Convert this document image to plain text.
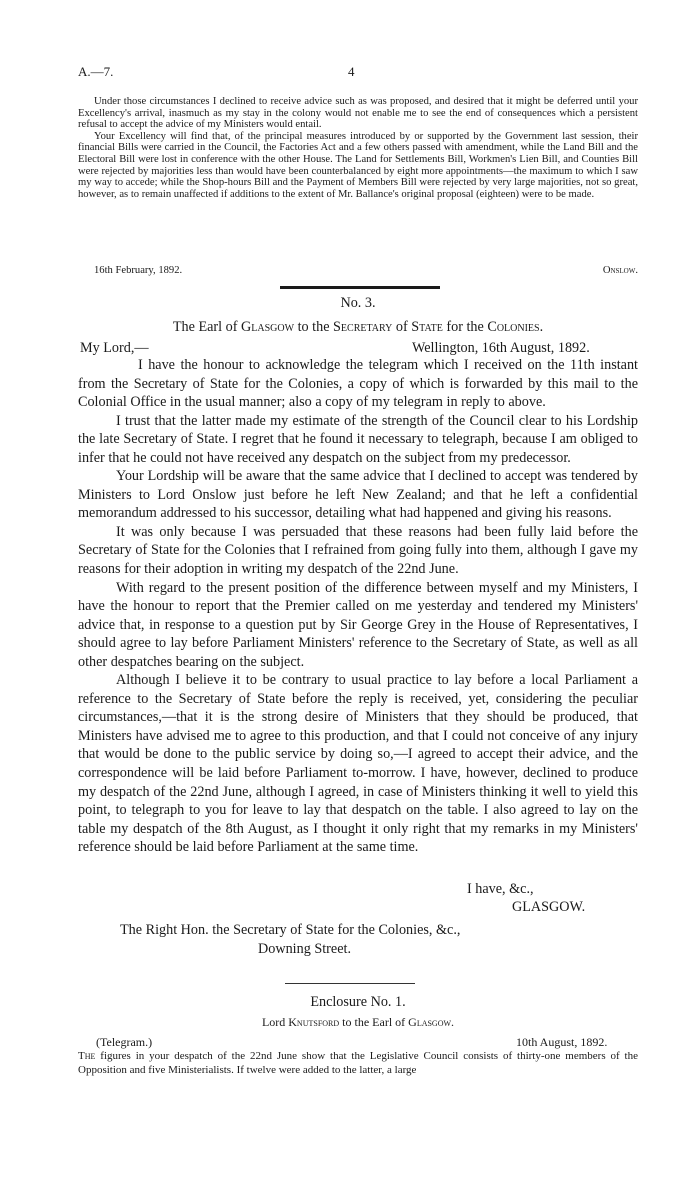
A.—7.	4

Under those circumstances I declined to receive advice such as was proposed, and desired that it might be deferred until your Excellency's arrival, inasmuch as my stay in the colony would not enable me to see the end of consequences which a persistent refusal to accept the advice of my Ministers would entail.

Your Excellency will find that, of the principal measures introduced by or supported by the Government last session, their financial Bills were carried in the Council, the Factories Act and a few others passed with amendment, while the Land Bill and the Electoral Bill were lost in conference with the other House. The Land for Settlements Bill, Workmen's Lien Bill, and Counties Bill were rejected by majorities less than would have been counterbalanced by eight more appointments—the maximum to which I saw my way to accede; while the Shop-hours Bill and the Payment of Members Bill were rejected by very large majorities, not so great, however, as to remain unaffected if additions to the extent of Mr. Ballance's original proposal (eighteen) were to be made.

16th February, 1892.	Onslow.
No. 3.
The Earl of Glasgow to the Secretary of State for the Colonies.
My Lord,—	Wellington, 16th August, 1892.

I have the honour to acknowledge the telegram which I received on the 11th instant from the Secretary of State for the Colonies, a copy of which is forwarded by this mail to the Colonial Office in the usual manner; also a copy of my telegram in reply to above.

I trust that the latter made my estimate of the strength of the Council clear to his Lordship the late Secretary of State. I regret that he found it necessary to telegraph, because I am obliged to infer that he could not have received any despatch on the subject from my predecessor.

Your Lordship will be aware that the same advice that I declined to accept was tendered by Ministers to Lord Onslow just before he left New Zealand; and that he left a confidential memorandum addressed to his successor, detailing what had happened and giving his reasons.

It was only because I was persuaded that these reasons had been fully laid before the Secretary of State for the Colonies that I refrained from going fully into them, although I gave my reasons for their adoption in writing my despatch of the 22nd June.

With regard to the present position of the difference between myself and my Ministers, I have the honour to report that the Premier called on me yesterday and tendered my Ministers' advice that, in response to a question put by Sir George Grey in the House of Representatives, I should agree to lay before Parliament Ministers' reference to the Secretary of State, as well as all other despatches bearing on the subject.

Although I believe it to be contrary to usual practice to lay before a local Parliament a reference to the Secretary of State before the reply is received, yet, considering the peculiar circumstances,—that it is the strong desire of Ministers that they should be produced, that Ministers have advised me to agree to this production, and that I could not conceive of any injury that would be done to the public service by doing so,—I agreed to accept their advice, and the correspondence will be laid before Parliament to-morrow. I have, however, declined to produce my despatch of the 22nd June, although I agreed, in case of Ministers thinking it well to yield this point, to telegraph to you for leave to lay that despatch on the table. I also agreed to lay on the table my despatch of the 8th August, as I thought it only right that my remarks in my Ministers' reference should be laid before Parliament at the same time.

I have, &c.,
GLASGOW.
The Right Hon. the Secretary of State for the Colonies, &c.,
Downing Street.
Enclosure No. 1.
Lord Knutsford to the Earl of Glasgow.
(Telegram.)	10th August, 1892.
The figures in your despatch of the 22nd June show that the Legislative Council consists of thirty-one members of the Opposition and five Ministerialists. If twelve were added to the latter, a large
